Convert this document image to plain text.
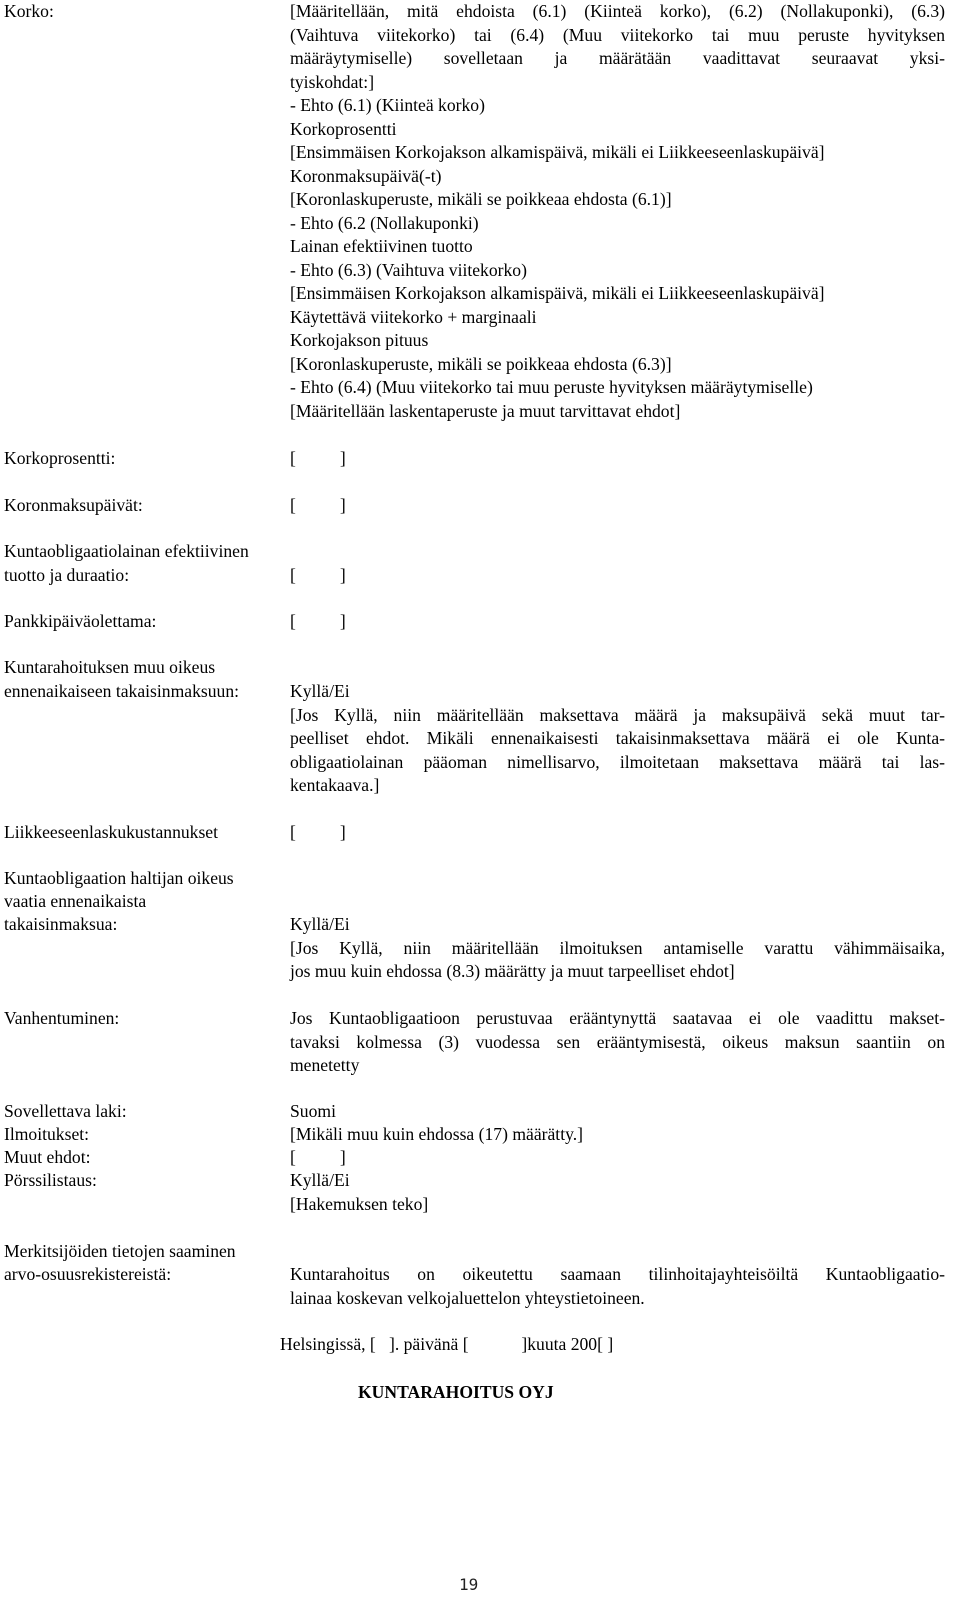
Korko:	[Määritellään, mitä ehdoista (6.1) (Kiinteä korko), (6.2) (Nollakuponki), (6.3)
(Vaihtuva viitekorko) tai (6.4) (Muu viitekorko tai muu peruste hyvityksen
määräytymiselle) sovelletaan ja määrätään vaadittavat seuraavat yksi-
tyiskohdat:]
- Ehto (6.1) (Kiinteä korko)
Korkoprosentti
[Ensimmäisen Korkojakson alkamispäivä, mikäli ei Liikkeeseenlaskupäivä]
Koronmaksupäivä(-t)
[Koronlaskuperuste, mikäli se poikkeaa ehdosta (6.1)]
- Ehto (6.2 (Nollakuponki)
Lainan efektiivinen tuotto
- Ehto (6.3) (Vaihtuva viitekorko)
[Ensimmäisen Korkojakson alkamispäivä, mikäli ei Liikkeeseenlaskupäivä]
Käytettävä viitekorko + marginaali
Korkojakson pituus
[Koronlaskuperuste, mikäli se poikkeaa ehdosta (6.3)]
- Ehto (6.4) (Muu viitekorko tai muu peruste hyvityksen määräytymiselle)
[Määritellään laskentaperuste ja muut tarvittavat ehdot]
Korkoprosentti:	[          ]
Koronmaksupäivät:	[          ]
Kuntaobligaatiolainan efektiivinen
tuotto ja duraatio:	[          ]
Pankkipäiväolettama:	[          ]
Kuntarahoituksen muu oikeus
ennenaikaiseen takaisinmaksuun:	Kyllä/Ei
[Jos Kyllä, niin määritellään maksettava määrä ja maksupäivä sekä muut tar-
peelliset ehdot. Mikäli ennenaikaisesti takaisinmaksettava määrä ei ole Kunta-
obligaatiolainan pääoman nimellisarvo, ilmoitetaan maksettava määrä tai las-
kentakaava.]
Liikkeeseenlaskukustannukset	[          ]
Kuntaobligaation haltijan oikeus
vaatia ennenaikaista
takaisinmaksua:	Kyllä/Ei
[Jos Kyllä, niin määritellään ilmoituksen antamiselle varattu vähimmäisaika,
jos muu kuin ehdossa (8.3) määrätty ja muut tarpeelliset ehdot]
Vanhentuminen:	Jos Kuntaobligaatioon perustuvaa erääntynyttä saatavaa ei ole vaadittu makset-
tavaksi kolmessa (3) vuodessa sen erääntymisestä, oikeus maksun saantiin on
menetetty
Sovellettava laki:	Suomi
Ilmoitukset:	[Mikäli muu kuin ehdossa (17) määrätty.]
Muut ehdot:	[          ]
Pörssilistaus:	Kyllä/Ei
[Hakemuksen teko]
Merkitsijöiden tietojen saaminen
arvo-osuusrekistereistä:	Kuntarahoitus on oikeutettu saamaan tilinhoitajayhteisöiltä Kuntaobligaatio-
lainaa koskevan velkojaluettelon yhteystietoineen.
Helsingissä, [   ]. päivänä [            ]kuuta 200[ ]
KUNTARAHOITUS OYJ
19
